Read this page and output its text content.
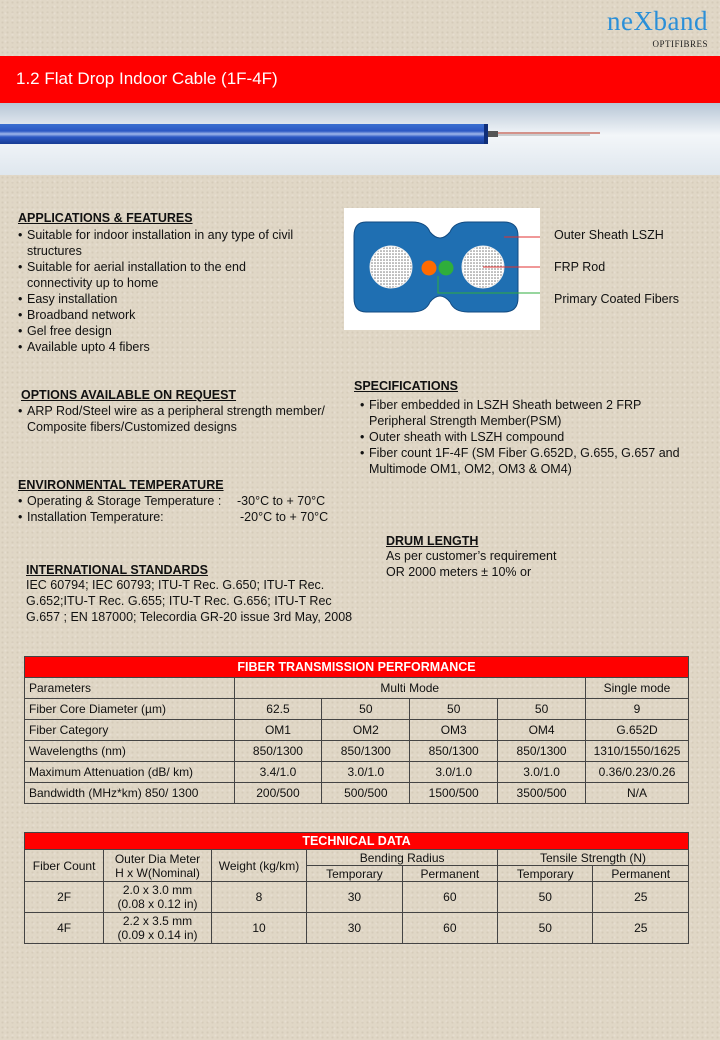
neXband
OPTIFIBRES
1.2 Flat Drop Indoor Cable (1F-4F)
APPLICATIONS & FEATURES
• Suitable for indoor installation in any type of civil
structures
• Suitable for aerial installation to the end
connectivity up to home
• Easy installation
• Broadband network
• Gel free design
• Available upto 4 fibers
Outer Sheath LSZH
FRP Rod
Primary Coated Fibers
OPTIONS AVAILABLE ON REQUEST
• ARP Rod/Steel wire as a peripheral strength member/
Composite fibers/Customized designs
SPECIFICATIONS
• Fiber embedded in LSZH Sheath between 2 FRP
Peripheral Strength Member(PSM)
• Outer sheath with LSZH compound
• Fiber count 1F-4F (SM Fiber G.652D, G.655, G.657 and
Multimode OM1, OM2, OM3 & OM4)
ENVIRONMENTAL TEMPERATURE
• Operating & Storage Temperature : -30°C to + 70°C
• Installation Temperature:	-20°C to + 70°C
DRUM LENGTH
As per customer’s requirement
OR 2000 meters ± 10% or
INTERNATIONAL STANDARDS
IEC 60794; IEC 60793; ITU-T Rec. G.650; ITU-T Rec.
G.652;ITU-T Rec. G.655; ITU-T Rec. G.656; ITU-T Rec
G.657 ; EN 187000; Telecordia GR-20 issue 3rd May, 2008
FIBER TRANSMISSION PERFORMANCE					
Parameters	Multi Mode				Single mode
Fiber Core Diameter (µm)	62.5	50	50	50	9
Fiber Category	OM1	OM2	OM3	OM4	G.652D
Wavelengths (nm)	850/1300	850/1300	850/1300	850/1300	1310/1550/1625
Maximum Attenuation (dB/ km)	3.4/1.0	3.0/1.0	3.0/1.0	3.0/1.0	0.36/0.23/0.26
Bandwidth (MHz*km) 850/ 1300	200/500	500/500	1500/500	3500/500	N/A
TECHNICAL DATA						
Fiber Count	Outer Dia Meter
H x W(Nominal)	Weight (kg/km)	Bending Radius		Tensile Strength (N)	
			Temporary	Permanent	Temporary	Permanent
2F	2.0 x 3.0 mm
(0.08 x 0.12 in)	8	30	60	50	25
4F	2.2 x 3.5 mm
(0.09 x 0.14 in)	10	30	60	50	25
